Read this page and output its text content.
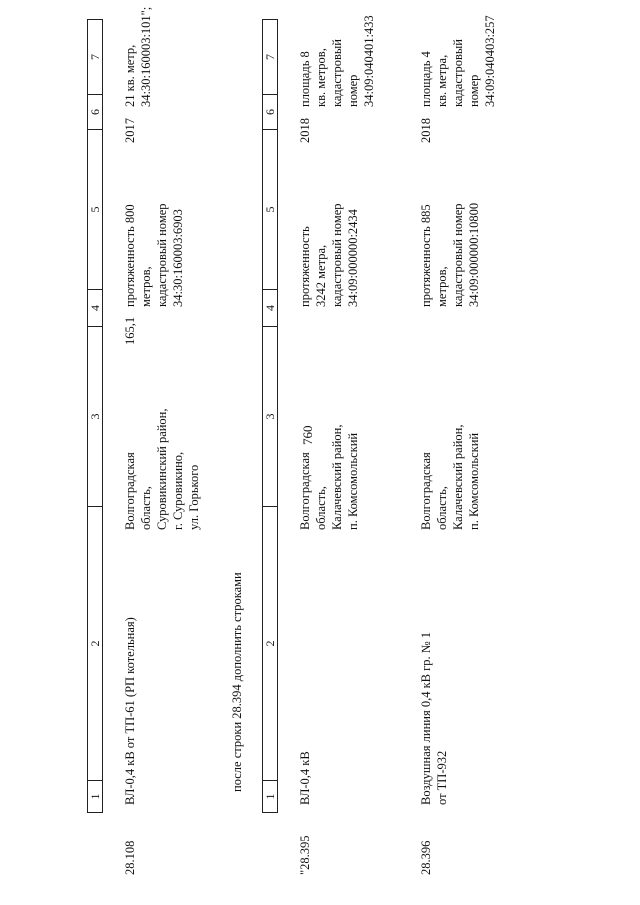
760
1
2
3
4
5
6
7
28.108
ВЛ-0,4 кВ от ТП-61 (РП котельная)
Волгоградская
область,
Суровикинский район,
г. Суровикино,
ул. Горького
165,1
протяженность 800
метров,
кадастровый номер
34:30:160003:6903
2017
21 кв. метр,
34:30:160003:101";
после строки 28.394 дополнить строками
1
2
3
4
5
6
7
"28.395
ВЛ-0,4 кВ
Волгоградская
область,
Калачевский район,
п. Комсомольский
протяженность
3242 метра,
кадастровый номер
34:09:000000:2434
2018
площадь 8
кв. метров,
кадастровый номер
34:09:040401:433
28.396
Воздушная линия 0,4 кВ гр. № 1
от ТП-932
Волгоградская
область,
Калачевский район,
п. Комсомольский
протяженность 885
метров,
кадастровый номер
34:09:000000:10800
2018
площадь 4
кв. метра,
кадастровый номер
34:09:040403:257
